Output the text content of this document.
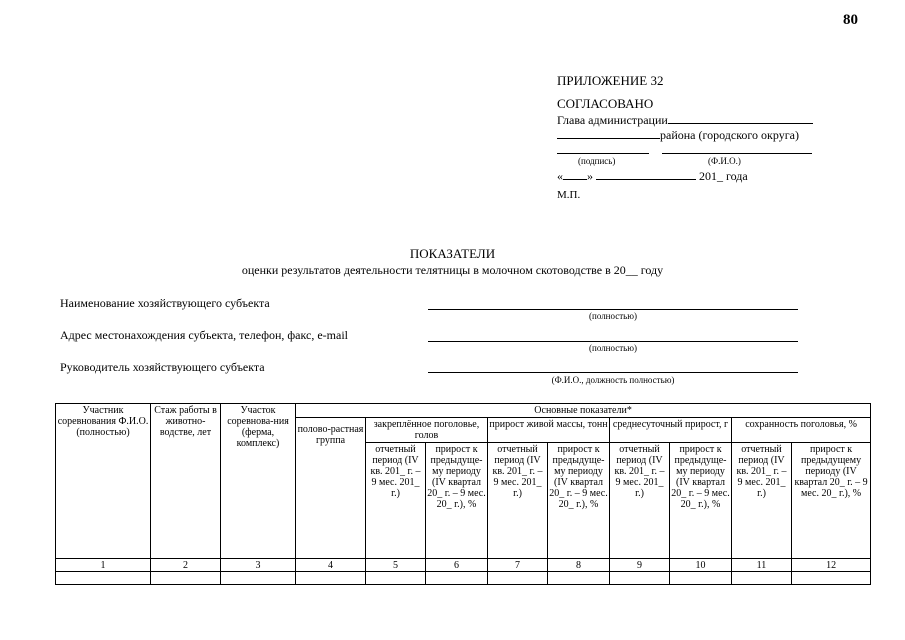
80
ПРИЛОЖЕНИЕ 32
СОГЛАСОВАНО
Глава администрации
района (городского округа)
(подпись)	(Ф.И.О.)
« »	201_ года
М.П.
ПОКАЗАТЕЛИ
оценки результатов деятельности телятницы в молочном скотоводстве в 20__ году
Наименование хозяйствующего субъекта
(полностью)
Адрес местонахождения субъекта, телефон, факс, e-mail
(полностью)
Руководитель хозяйствующего субъекта
(Ф.И.О., должность полностью)
Участник соревнования Ф.И.О. (полностью)	Стаж работы в животно-водстве, лет	Участок соревнова-ния (ферма, комплекс)	Основные показатели*								
			полово-растная группа	закреплённое поголовье, голов		прирост живой массы, тонн		среднесуточный прирост, г		сохранность поголовья, %	
				отчетный период (IV кв. 201_ г. – 9 мес. 201_ г.)	прирост к предыдуще-му периоду (IV квартал 20_ г. – 9 мес. 20_ г.), %	отчетный период (IV кв. 201_ г. – 9 мес. 201_ г.)	прирост к предыдуще-му периоду (IV квартал 20_ г. – 9 мес. 20_ г.), %	отчетный период (IV кв. 201_ г. – 9 мес. 201_ г.)	прирост к предыдуще-му периоду (IV квартал 20_ г. – 9 мес. 20_ г.), %	отчетный период (IV кв. 201_ г. – 9 мес. 201_ г.)	прирост к предыдущему периоду (IV квартал 20_ г. – 9 мес. 20_ г.), %
1	2	3	4	5	6	7	8	9	10	11	12
